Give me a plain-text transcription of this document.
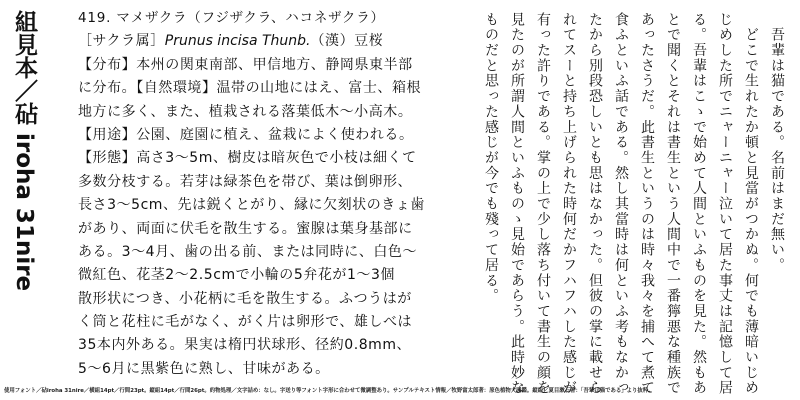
組見本／砧 iroha 31nire	419. マメザクラ（フジザクラ、ハコネザクラ）
［サクラ属］Prunus incisa Thunb.（漢）豆桜
【分布】本州の関東南部、甲信地方、静岡県東半部
に分布。【自然環境】温帯の山地にはえ、富士、箱根
地方に多く、また、植栽される落葉低木～小高木。
【用途】公園、庭園に植え、盆栽によく使われる。
【形態】高さ3～5m、樹皮は暗灰色で小枝は細くて
多数分枝する。若芽は緑茶色を帯び、葉は倒卵形、
長さ3～5cm、先は鋭くとがり、縁に欠刻状のきょ歯
があり、両面に伏毛を散生する。蜜腺は葉身基部に
ある。3～4月、歯の出る前、または同時に、白色～
微紅色、花茎2～2.5cmで小輪の5弁花が1～3個
散形状につき、小花柄に毛を散生する。ふつうはが
く筒と花柱に毛がなく、がく片は卵形で、雄しべは
35本内外ある。果実は楕円状球形、径約0.8mm、
5～6月に黒紫色に熟し、甘味がある。
　吾輩は猫である。名前はまだ無い。
　どこで生れたか頓と見當がつかぬ。何でも薄暗いじめ
じめした所でニャーニャー泣いて居た事丈は記憶して居
る。吾輩はこゝで始めて人間といふものを見た。然もあ
とで聞くとそれは書生という人間中で一番獰悪な種族で
あったさうだ。此書生というのは時々我々を捕へて煮て
食ふといふ話である。然し其當時は何といふ考もなかっ
たから別段恐しいとも思はなかった。但彼の掌に載せら
れてスーと持ち上げられた時何だかフハフハした感じが
有った許りである。掌の上で少し落ち付いて書生の顔を
見たのが所謂人間といふものゝ見始であらう。此時妙な
ものだと思った感じが今でも殘って居る。
使用フォント／砧iroha 31nire／横組14pt／行間23pt。縦組14pt／行間26pt。約物処理／文字詰め：なし。字送り等フォント字形に合わせて微調整あり。サンプルテキスト情報／牧野富太郎著：原色植物大図鑑。縦組／夏目漱石著：「吾輩は猫である」より抜粋。
